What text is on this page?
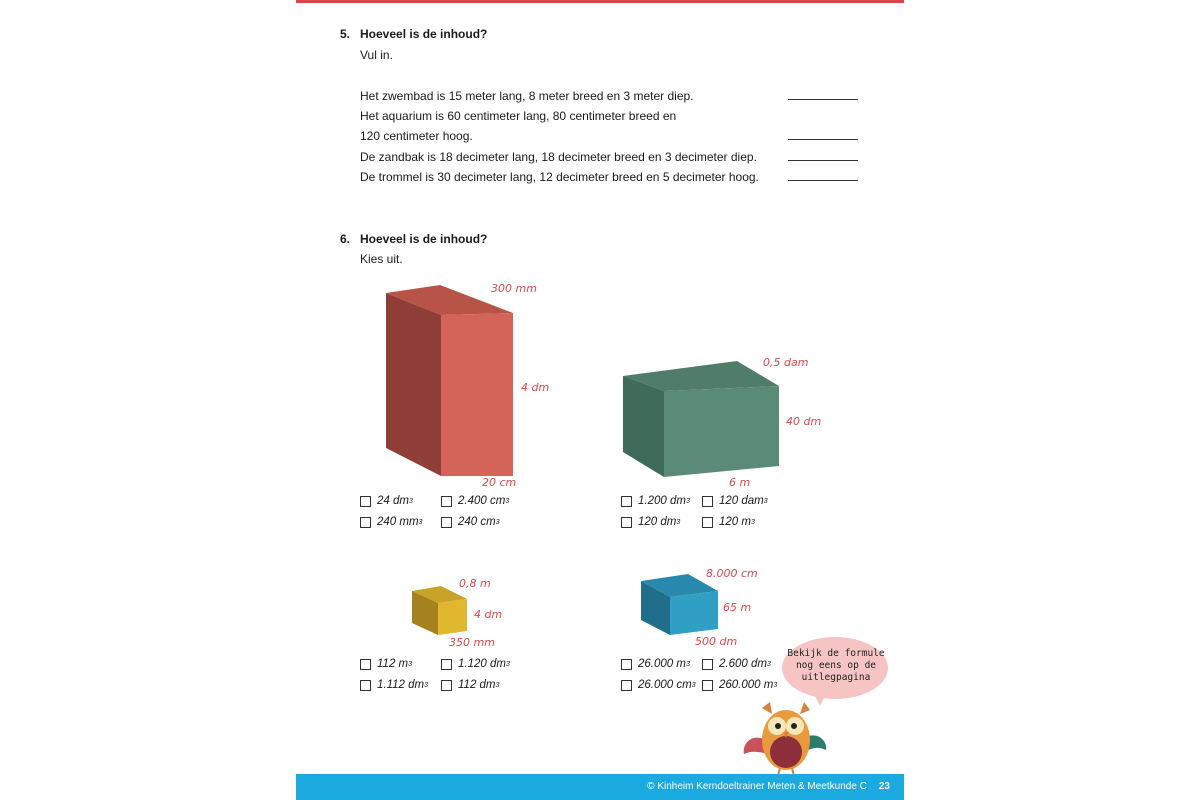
5. Hoeveel is de inhoud?
Vul in.
Het zwembad is 15 meter lang, 8 meter breed en 3 meter diep.
Het aquarium is 60 centimeter lang, 80 centimeter breed en
120 centimeter hoog.
De zandbak is 18 decimeter lang, 18 decimeter breed en 3 decimeter diep.
De trommel is 30 decimeter lang, 12 decimeter breed en 5 decimeter hoog.
6. Hoeveel is de inhoud?
Kies uit.
300 mm
4 dm
20 cm
0,5 dam
40 dm
6 m
24 dm 3	2.400 cm 3
240 mm 3	240 cm 3
1.200 dm 3	120 dam 3
120 dm 3	120 m 3
0,8 m
4 dm
350 mm
8.000 cm
65 m
500 dm
112 m 3	1.120 dm 3
1.112 dm 3	112 dm 3
26.000 m 3	2.600 dm 3
26.000 cm 3 260.000 m 3
Bekijk de formule
nog eens op de
uitlegpagina
© Kinheim Kerndoeltrainer Meten & Meetkunde C 23
